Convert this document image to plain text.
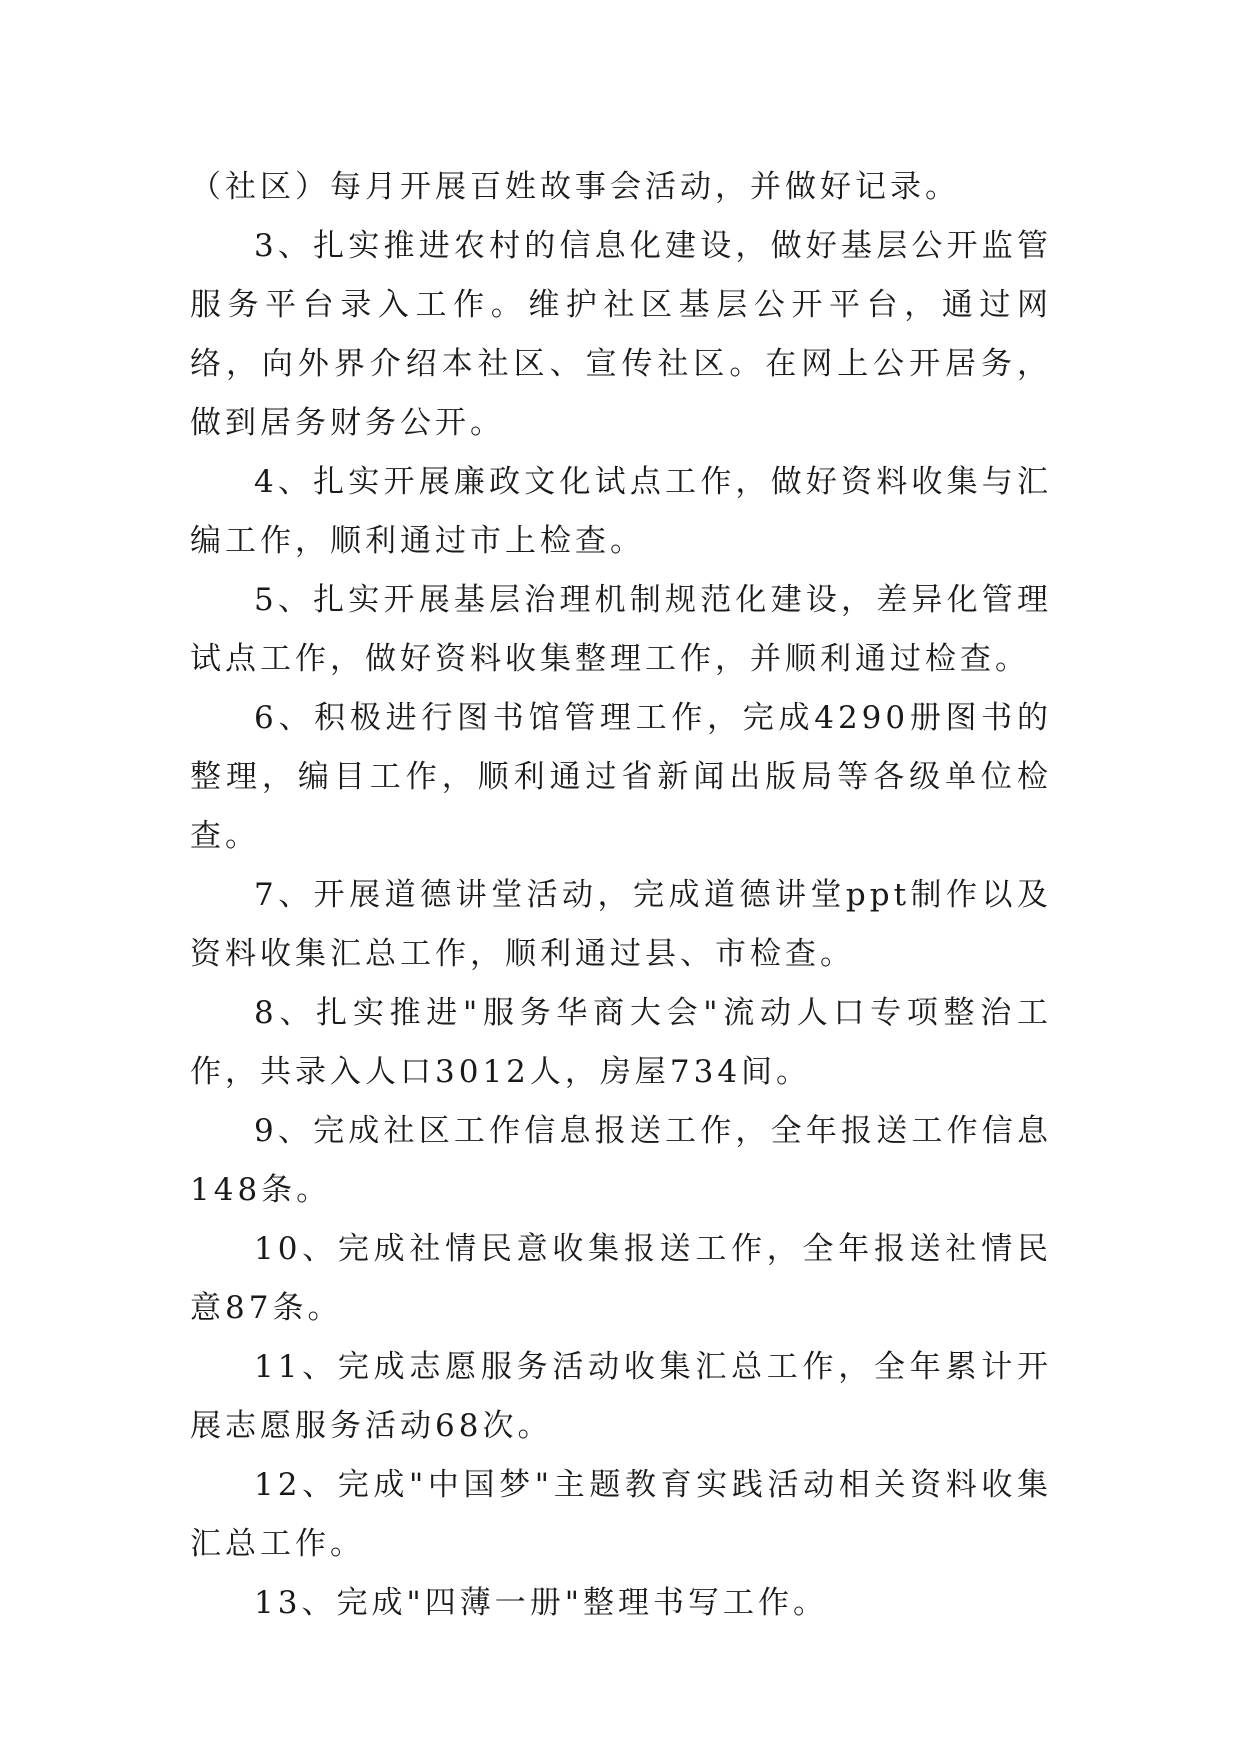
（社区）每月开展百姓故事会活动，并做好记录。

3、扎实推进农村的信息化建设，做好基层公开监管服务平台录入工作。维护社区基层公开平台，通过网络，向外界介绍本社区、宣传社区。在网上公开居务，做到居务财务公开。

4、扎实开展廉政文化试点工作，做好资料收集与汇编工作，顺利通过市上检查。

5、扎实开展基层治理机制规范化建设，差异化管理试点工作，做好资料收集整理工作，并顺利通过检查。

6、积极进行图书馆管理工作，完成4290册图书的整理，编目工作，顺利通过省新闻出版局等各级单位检查。

7、开展道德讲堂活动，完成道德讲堂ppt制作以及资料收集汇总工作，顺利通过县、市检查。

8、扎实推进"服务华商大会"流动人口专项整治工作，共录入人口3012人，房屋734间。

9、完成社区工作信息报送工作，全年报送工作信息148条。

10、完成社情民意收集报送工作，全年报送社情民意87条。

11、完成志愿服务活动收集汇总工作，全年累计开展志愿服务活动68次。

12、完成"中国梦"主题教育实践活动相关资料收集汇总工作。

13、完成"四薄一册"整理书写工作。
